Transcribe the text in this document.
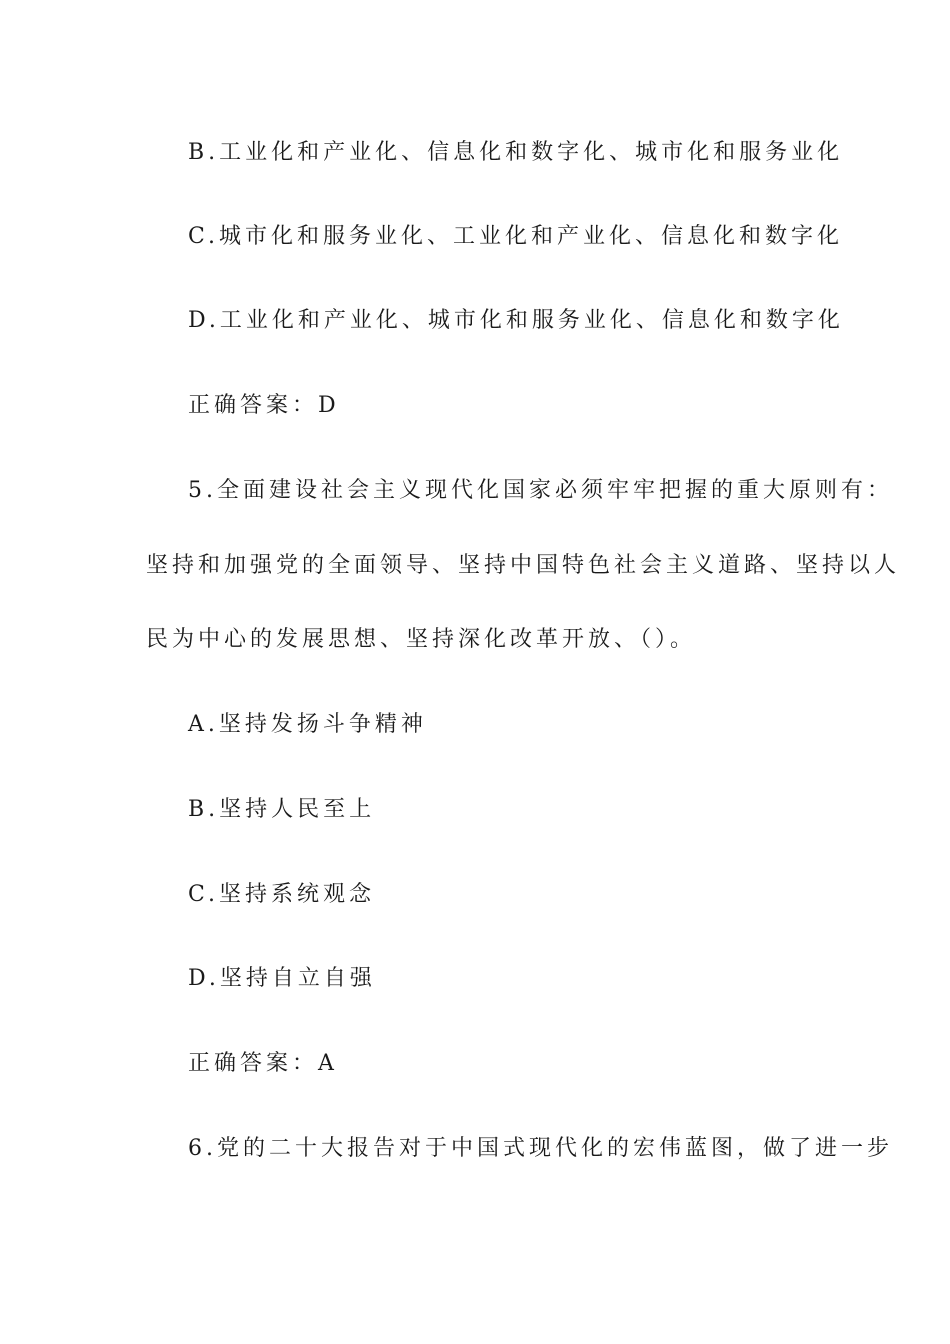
B.工业化和产业化、信息化和数字化、城市化和服务业化
C.城市化和服务业化、工业化和产业化、信息化和数字化
D.工业化和产业化、城市化和服务业化、信息化和数字化
正确答案：D
5.全面建设社会主义现代化国家必须牢牢把握的重大原则有：
坚持和加强党的全面领导、坚持中国特色社会主义道路、坚持以人
民为中心的发展思想、坚持深化改革开放、（）。
A.坚持发扬斗争精神
B.坚持人民至上
C.坚持系统观念
D.坚持自立自强
正确答案：A
6.党的二十大报告对于中国式现代化的宏伟蓝图，做了进一步
